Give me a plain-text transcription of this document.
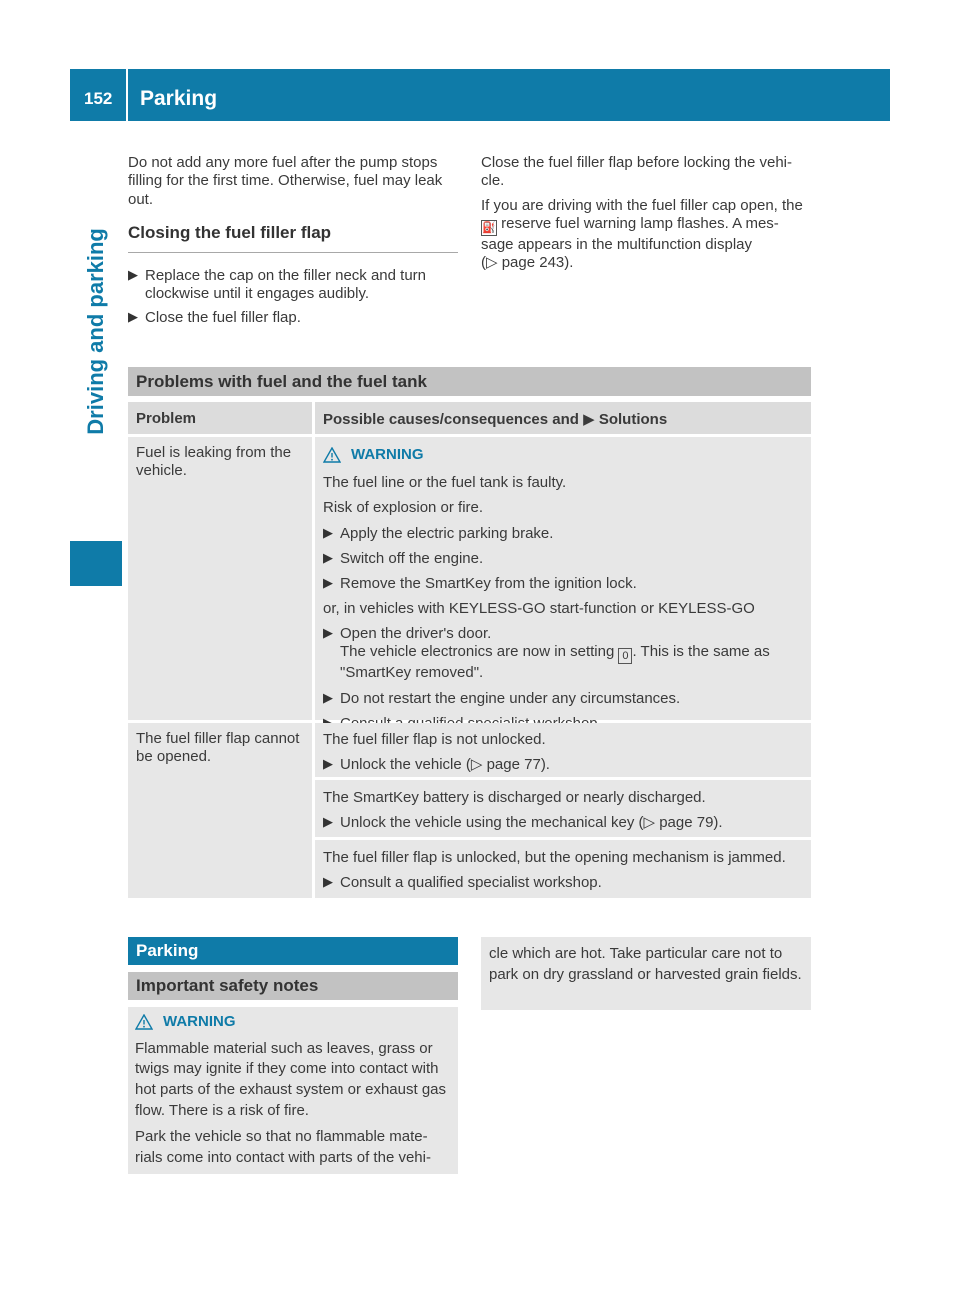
152 Parking
Driving and parking

Do not add any more fuel after the pump stops filling for the first time. Otherwise, fuel may leak out.

Closing the fuel filler flap
▶ Replace the cap on the filler neck and turn clockwise until it engages audibly.
▶ Close the fuel filler flap.

Close the fuel filler flap before locking the vehi-cle.

If you are driving with the fuel filler cap open, the ⛽ reserve fuel warning lamp flashes. A mes-sage appears in the multifunction display
(▷ page 243).

Problems with fuel and the fuel tank
Problem	Possible causes/consequences and ▶ Solutions
Fuel is leaking from the vehicle.
WARNING

The fuel line or the fuel tank is faulty.

Risk of explosion or fire.

▶ Apply the electric parking brake.
▶ Switch off the engine.
▶ Remove the SmartKey from the ignition lock.

or, in vehicles with KEYLESS-GO start-function or KEYLESS-GO

▶ Open the driver's door.
The vehicle electronics are now in setting 0 . This is the same as "SmartKey removed".
▶ Do not restart the engine under any circumstances.
The fuel filler flap cannot be opened.

The fuel filler flap is not unlocked.

▶ Unlock the vehicle (▷ page 77).

The SmartKey battery is discharged or nearly discharged.

▶ Unlock the vehicle using the mechanical key (▷ page 79).

The fuel filler flap is unlocked, but the opening mechanism is jammed.

▶ Consult a qualified specialist workshop.
Parking
Important safety notes
WARNING

Flammable material such as leaves, grass or twigs may ignite if they come into contact with hot parts of the exhaust system or exhaust gas flow. There is a risk of fire.

Park the vehicle so that no flammable mate-rials come into contact with parts of the vehi-

cle which are hot. Take particular care not to park on dry grassland or harvested grain fields.
